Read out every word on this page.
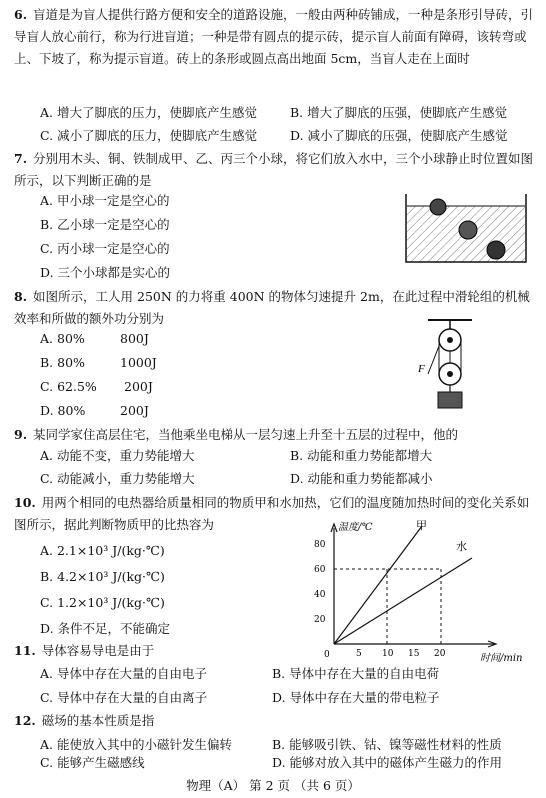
6. 盲道是为盲人提供行路方便和安全的道路设施，一般由两种砖铺成，一种是条形引导砖，引导盲人放心前行，称为行进盲道；一种是带有圆点的提示砖，提示盲人前面有障碍，该转弯或上、下坡了，称为提示盲道。砖上的条形或圆点高出地面 5cm，当盲人走在上面时
A. 增大了脚底的压力，使脚底产生感觉	B. 增大了脚底的压强，使脚底产生感觉
C. 减小了脚底的压力，使脚底产生感觉	D. 减小了脚底的压强，使脚底产生感觉
7. 分别用木头、铜、铁制成甲、乙、丙三个小球，将它们放入水中，三个小球静止时位置如图所示，以下判断正确的是
A. 甲小球一定是空心的
B. 乙小球一定是空心的
C. 丙小球一定是空心的
D. 三个小球都是实心的
8. 如图所示，工人用 250N 的力将重 400N 的物体匀速提升 2m，在此过程中滑轮组的机械效率和所做的额外功分别为
A. 80%	800J
B. 80%	1000J
C. 62.5% 200J
D. 80%	200J
F
9. 某同学家住高层住宅，当他乘坐电梯从一层匀速上升至十五层的过程中，他的
A. 动能不变，重力势能增大	B. 动能和重力势能都增大
C. 动能减小，重力势能增大	D. 动能和重力势能都减小
10. 用两个相同的电热器给质量相同的物质甲和水加热，它们的温度随加热时间的变化关系如图所示，据此判断物质甲的比热容为
A. 2.1×10³ J/(kg·℃)
B. 4.2×10³ J/(kg·℃)
C. 1.2×10³ J/(kg·℃)
D. 条件不足，不能确定
温度/℃
时间/min
0
80
60
40
20
5 10 15 20
甲
水
11. 导体容易导电是由于
A. 导体中存在大量的自由电子	B. 导体中存在大量的自由电荷
C. 导体中存在大量的自由离子	D. 导体中存在大量的带电粒子
12. 磁场的基本性质是指
A. 能使放入其中的小磁针发生偏转	B. 能够吸引铁、钴、镍等磁性材料的性质
C. 能够产生磁感线	D. 能够对放入其中的磁体产生磁力的作用
物理（A） 第 2 页 （共 6 页）
